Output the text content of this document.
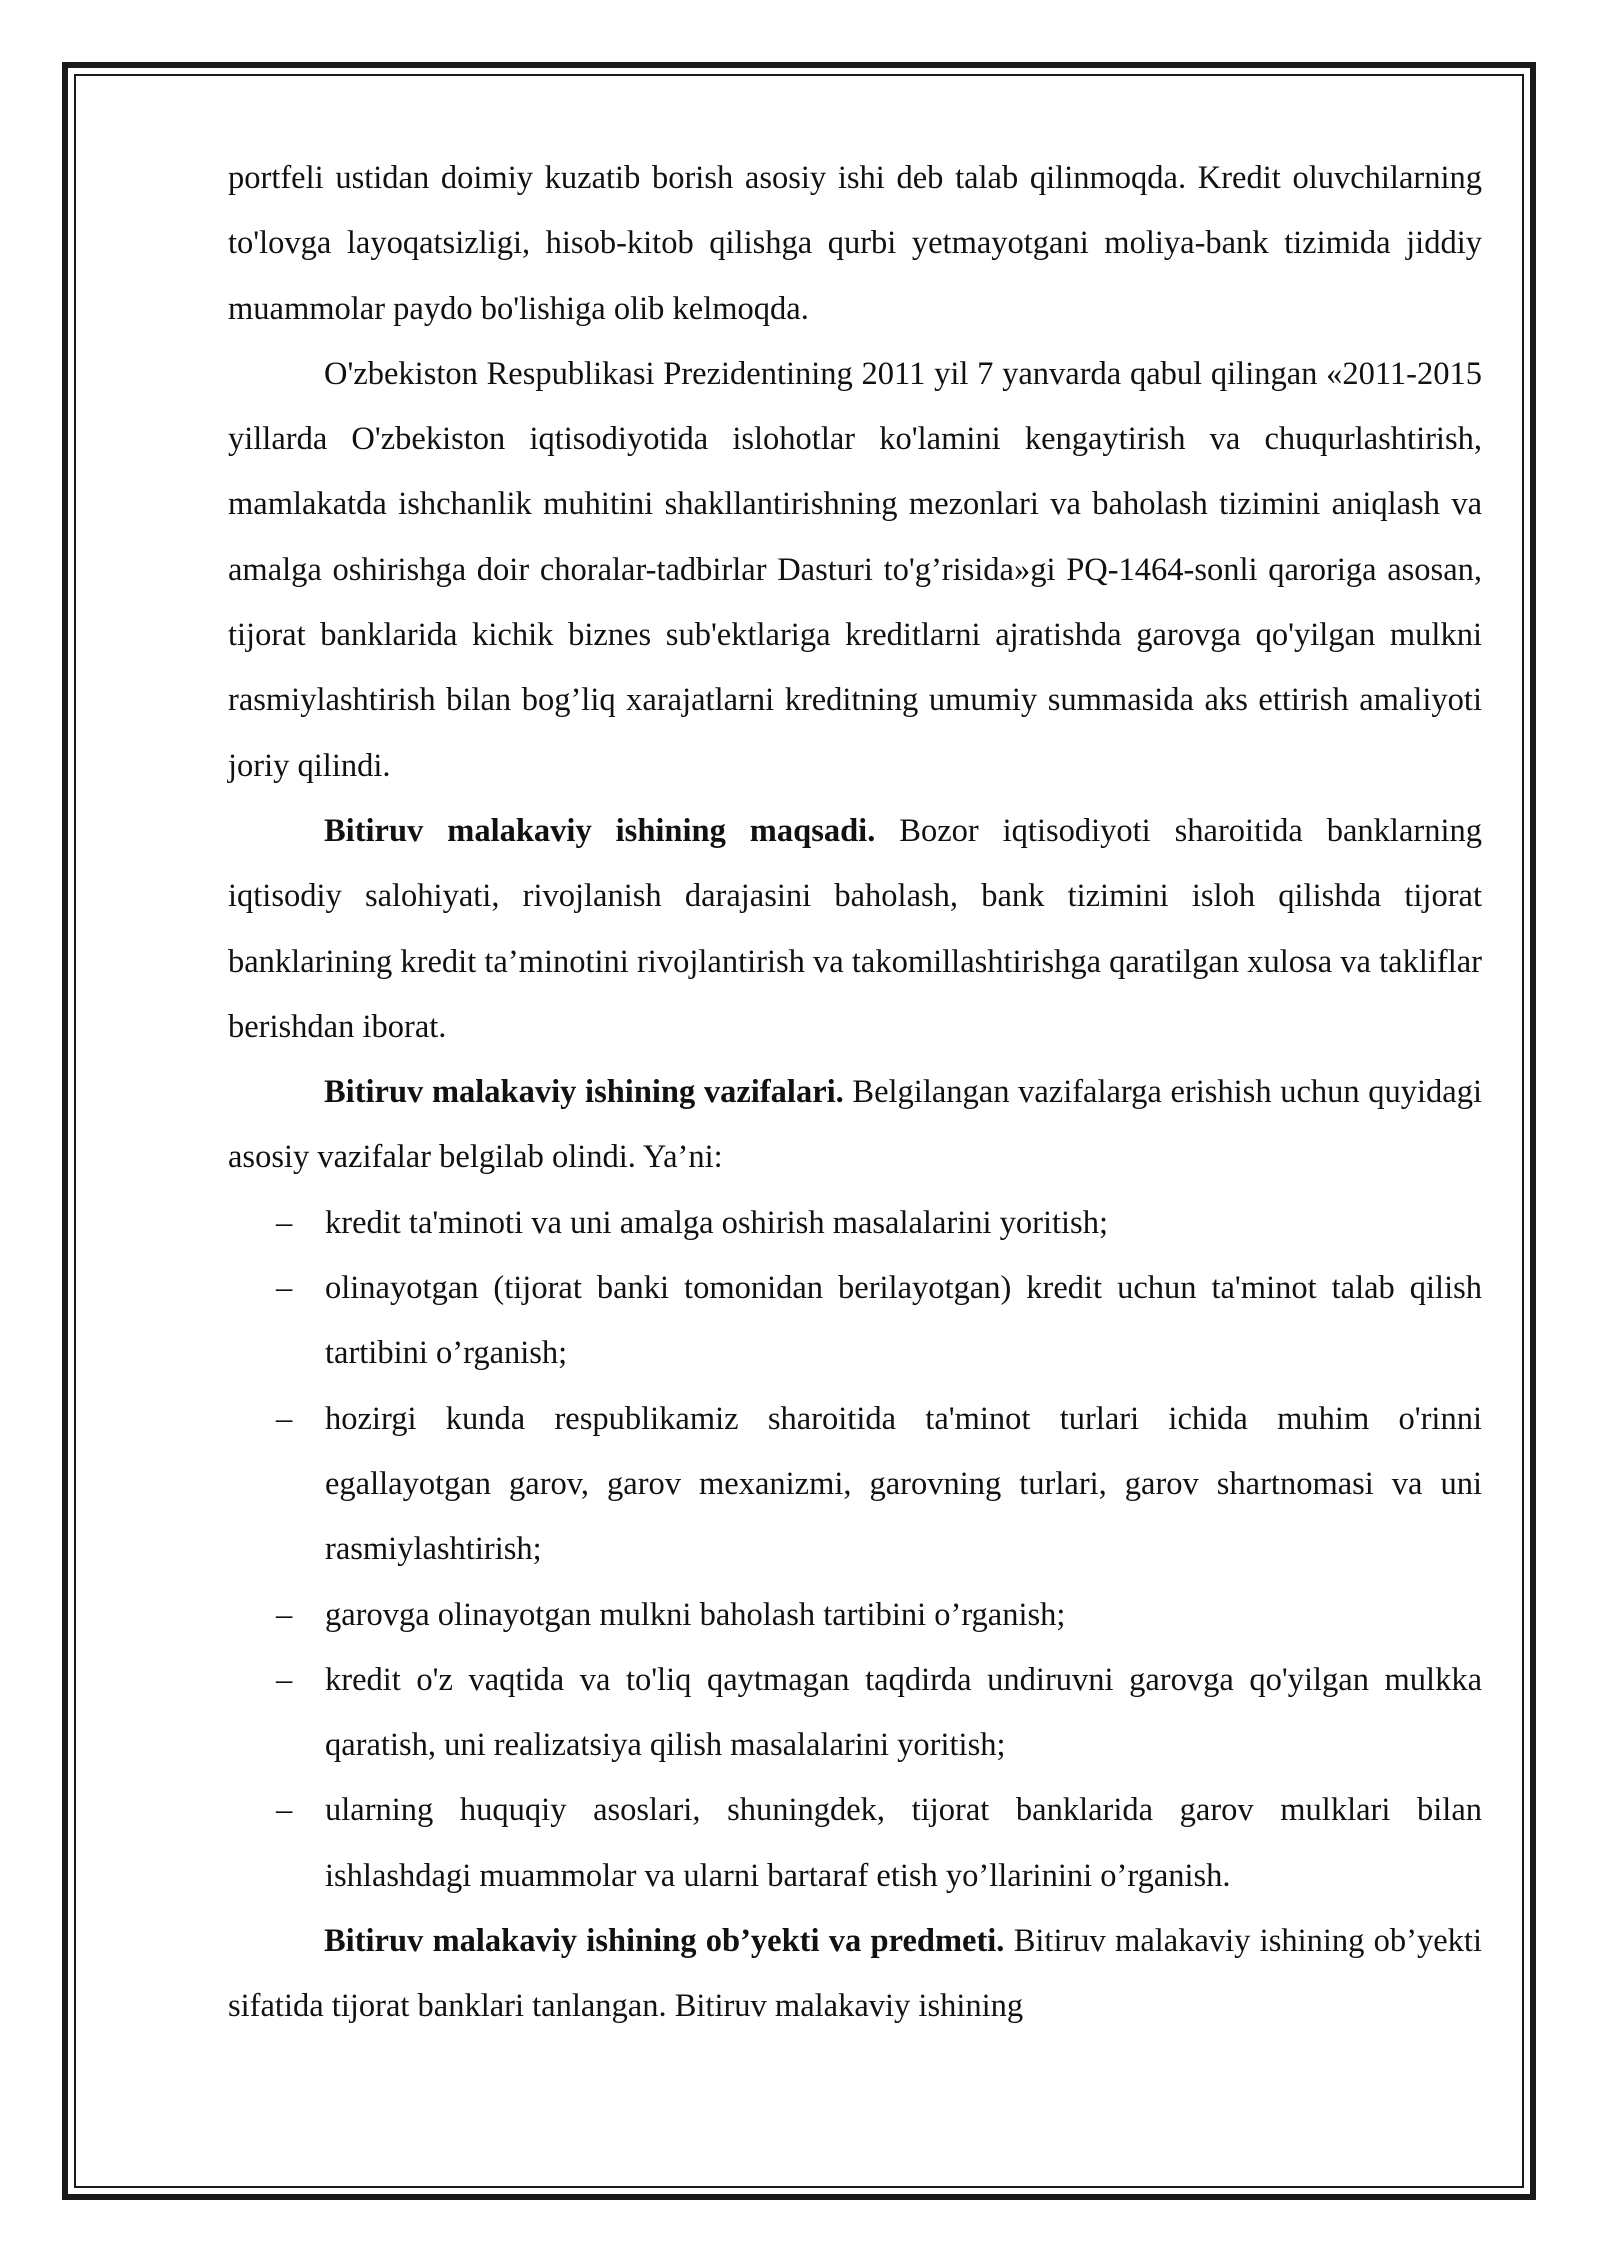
portfeli ustidan doimiy kuzatib borish asosiy ishi deb talab qilinmoqda. Kredit oluvchilarning to'lovga layoqatsizligi, hisob-kitob qilishga qurbi yetmayotgani moliya-bank tizimida jiddiy muammolar paydo bo'lishiga olib kelmoqda.

O'zbekiston Respublikasi Prezidentining 2011 yil 7 yanvarda qabul qilingan «2011-2015 yillarda O'zbekiston iqtisodiyotida islohotlar ko'lamini kengaytirish va chuqurlashtirish, mamlakatda ishchanlik muhitini shakllantirishning mezonlari va baholash tizimini aniqlash va amalga oshirishga doir choralar-tadbirlar Dasturi to'g’risida»gi PQ-1464-sonli qaroriga asosan, tijorat banklarida kichik biznes sub'ektlariga kreditlarni ajratishda garovga qo'yilgan mulkni rasmiylashtirish bilan bog’liq xarajatlarni kreditning umumiy summasida aks ettirish amaliyoti joriy qilindi.

Bitiruv malakaviy ishining maqsadi. Bozor iqtisodiyoti sharoitida banklarning iqtisodiy salohiyati, rivojlanish darajasini baholash, bank tizimini isloh qilishda tijorat banklarining kredit ta’minotini rivojlantirish va takomillashtirishga qaratilgan xulosa va takliflar berishdan iborat.

Bitiruv malakaviy ishining vazifalari. Belgilangan vazifalarga erishish uchun quyidagi asosiy vazifalar belgilab olindi. Ya’ni:

– kredit ta'minoti va uni amalga oshirish masalalarini yoritish;
– olinayotgan (tijorat banki tomonidan berilayotgan) kredit uchun ta'minot talab qilish tartibini o’rganish;
– hozirgi kunda respublikamiz sharoitida ta'minot turlari ichida muhim o'rinni egallayotgan garov, garov mexanizmi, garovning turlari, garov shartnomasi va uni rasmiylashtirish;
– garovga olinayotgan mulkni baholash tartibini o’rganish;
– kredit o'z vaqtida va to'liq qaytmagan taqdirda undiruvni garovga qo'yilgan mulkka qaratish, uni realizatsiya qilish masalalarini yoritish;
– ularning huquqiy asoslari, shuningdek, tijorat banklarida garov mulklari bilan ishlashdagi muammolar va ularni bartaraf etish yo’llarinini o’rganish.

Bitiruv malakaviy ishining ob’yekti va predmeti. Bitiruv malakaviy ishining ob’yekti sifatida tijorat banklari tanlangan. Bitiruv malakaviy ishining
